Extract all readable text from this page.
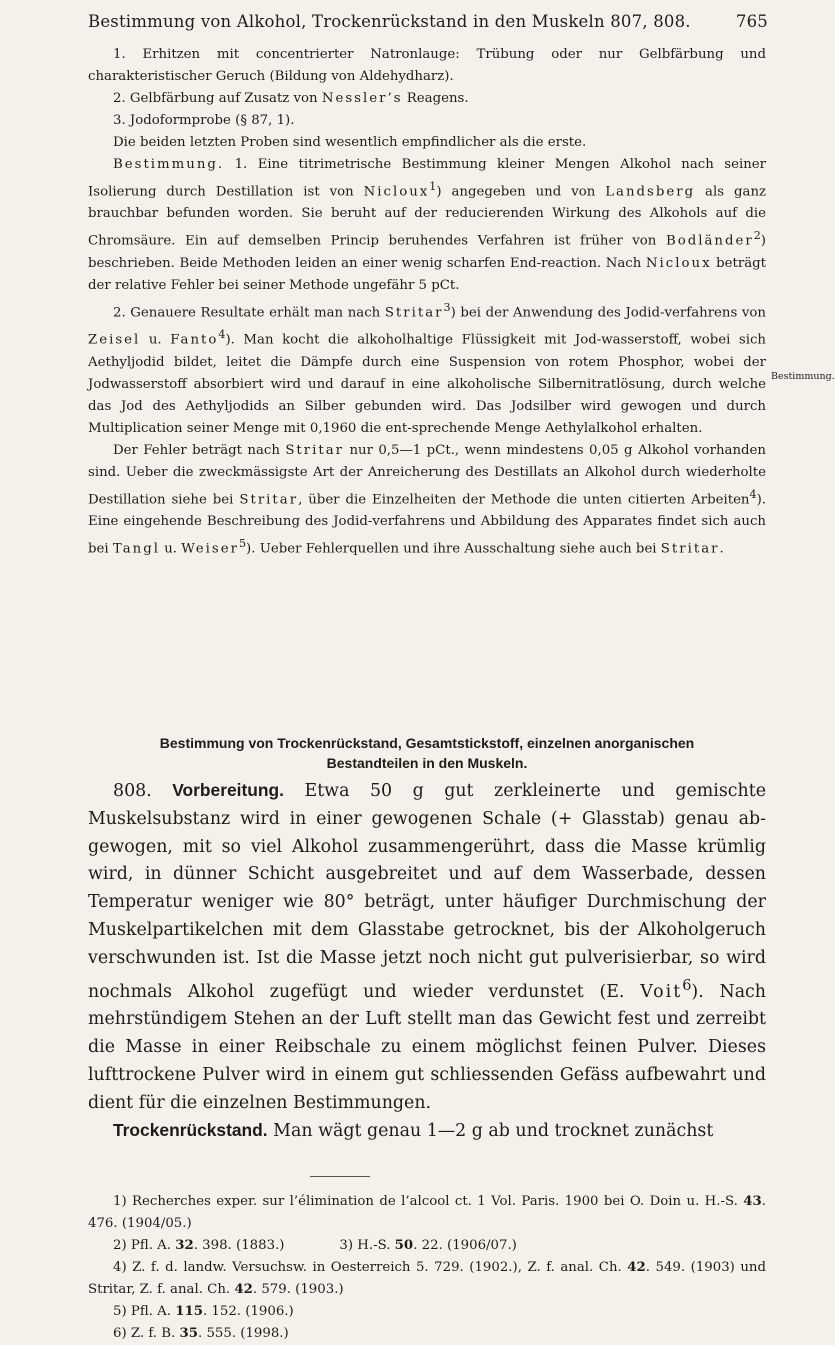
Bestimmung von Alkohol, Trockenrückstand in den Muskeln 807, 808.	765
Bestimmung.

1. Erhitzen mit concentrierter Natronlauge: Trübung oder nur Gelbfärbung und charakteristischer Geruch (Bildung von Aldehydharz).

2. Gelbfärbung auf Zusatz von Nessler’s Reagens.

3. Jodoformprobe (§ 87, 1).

Die beiden letzten Proben sind wesentlich empfindlicher als die erste.

Bestimmung. 1. Eine titrimetrische Bestimmung kleiner Mengen Alkohol nach seiner Isolierung durch Destillation ist von Nicloux$^1$) angegeben und von Landsberg als ganz brauchbar befunden worden. Sie beruht auf der reducierenden Wirkung des Alkohols auf die Chromsäure. Ein auf demselben Princip beruhendes Verfahren ist früher von Bodländer$^2$) beschrieben. Beide Methoden leiden an einer wenig scharfen End-reaction. Nach Nicloux beträgt der relative Fehler bei seiner Methode ungefähr 5 pCt.

2. Genauere Resultate erhält man nach Stritar$^3$) bei der Anwendung des Jodid-verfahrens von Zeisel u. Fanto$^4$). Man kocht die alkoholhaltige Flüssigkeit mit Jod-wasserstoff, wobei sich Aethyljodid bildet, leitet die Dämpfe durch eine Suspension von rotem Phosphor, wobei der Jodwasserstoff absorbiert wird und darauf in eine alkoholische Silbernitratlösung, durch welche das Jod des Aethyljodids an Silber gebunden wird. Das Jodsilber wird gewogen und durch Multiplication seiner Menge mit 0,1960 die ent-sprechende Menge Aethylalkohol erhalten.

Der Fehler beträgt nach Stritar nur 0,5—1 pCt., wenn mindestens 0,05 g Alkohol vorhanden sind. Ueber die zweckmässigste Art der Anreicherung des Destillats an Alkohol durch wiederholte Destillation siehe bei Stritar, über die Einzelheiten der Methode die unten citierten Arbeiten$^4$). Eine eingehende Beschreibung des Jodid-verfahrens und Abbildung des Apparates findet sich auch bei Tangl u. Weiser$^5$). Ueber Fehlerquellen und ihre Ausschaltung siehe auch bei Stritar.

Bestimmung von Trockenrückstand, Gesamtstickstoff, einzelnen anorganischen
Bestandteilen in den Muskeln.

808. Vorbereitung. Etwa 50 g gut zerkleinerte und gemischte Muskelsubstanz wird in einer gewogenen Schale (+ Glasstab) genau ab-gewogen, mit so viel Alkohol zusammengerührt, dass die Masse krümlig wird, in dünner Schicht ausgebreitet und auf dem Wasserbade, dessen Temperatur weniger wie 80° beträgt, unter häufiger Durchmischung der Muskelpartikelchen mit dem Glasstabe getrocknet, bis der Alkoholgeruch verschwunden ist. Ist die Masse jetzt noch nicht gut pulverisierbar, so wird nochmals Alkohol zugefügt und wieder verdunstet (E. Voit$^6$). Nach mehrstündigem Stehen an der Luft stellt man das Gewicht fest und zerreibt die Masse in einer Reibschale zu einem möglichst feinen Pulver. Dieses lufttrockene Pulver wird in einem gut schliessenden Gefäss aufbewahrt und dient für die einzelnen Bestimmungen.

Trockenrückstand. Man wägt genau 1—2 g ab und trocknet zunächst

1) Recherches exper. sur l’élimination de l’alcool ct. 1 Vol. Paris. 1900 bei O. Doin u. H.-S. 43. 476. (1904/05.)

2) Pfl. A. 32. 398. (1883.)             3) H.-S. 50. 22. (1906/07.)

4) Z. f. d. landw. Versuchsw. in Oesterreich 5. 729. (1902.), Z. f. anal. Ch. 42. 549. (1903) und Stritar, Z. f. anal. Ch. 42. 579. (1903.)

5) Pfl. A. 115. 152. (1906.)

6) Z. f. B. 35. 555. (1998.)
